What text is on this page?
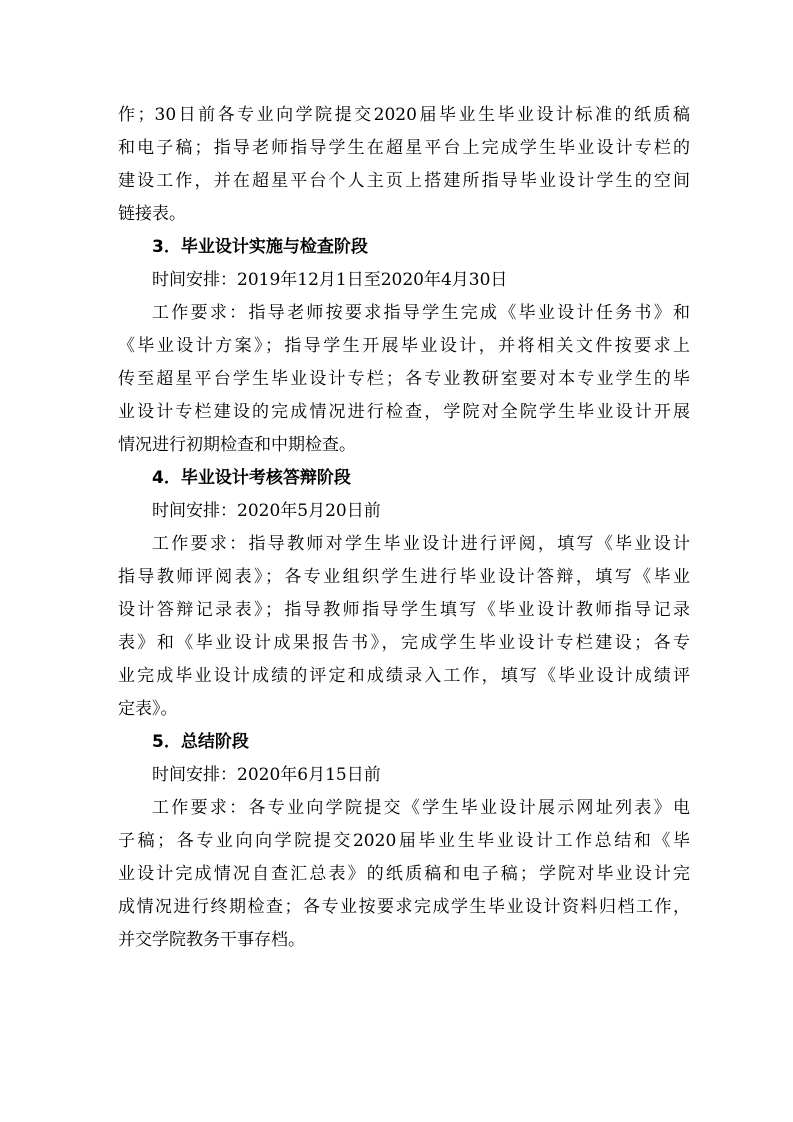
作；30日前各专业向学院提交2020届毕业生毕业设计标准的纸质稿
和电子稿；指导老师指导学生在超星平台上完成学生毕业设计专栏的
建设工作，并在超星平台个人主页上搭建所指导毕业设计学生的空间
链接表。
3．毕业设计实施与检查阶段
时间安排：2019年12月1日至2020年4月30日
工作要求：指导老师按要求指导学生完成《毕业设计任务书》和
《毕业设计方案》；指导学生开展毕业设计，并将相关文件按要求上
传至超星平台学生毕业设计专栏；各专业教研室要对本专业学生的毕
业设计专栏建设的完成情况进行检查，学院对全院学生毕业设计开展
情况进行初期检查和中期检查。
4．毕业设计考核答辩阶段
时间安排：2020年5月20日前
工作要求：指导教师对学生毕业设计进行评阅，填写《毕业设计
指导教师评阅表》；各专业组织学生进行毕业设计答辩，填写《毕业
设计答辩记录表》；指导教师指导学生填写《毕业设计教师指导记录
表》和《毕业设计成果报告书》，完成学生毕业设计专栏建设；各专
业完成毕业设计成绩的评定和成绩录入工作，填写《毕业设计成绩评
定表》。
5．总结阶段
时间安排：2020年6月15日前
工作要求：各专业向学院提交《学生毕业设计展示网址列表》电
子稿；各专业向向学院提交2020届毕业生毕业设计工作总结和《毕
业设计完成情况自查汇总表》的纸质稿和电子稿；学院对毕业设计完
成情况进行终期检查；各专业按要求完成学生毕业设计资料归档工作，
并交学院教务干事存档。
